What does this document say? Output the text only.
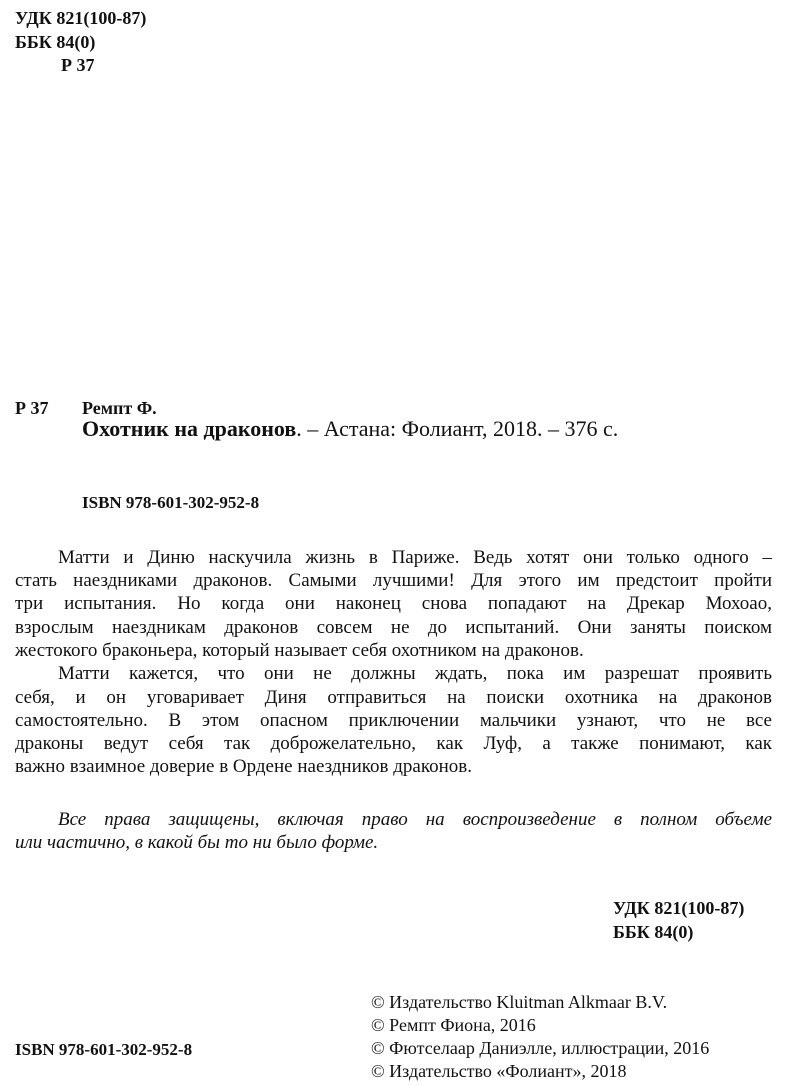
УДК 821(100-87)
ББК 84(0)
Р 37
Р 37 Ремпт Ф.
Охотник на драконов. – Астана: Фолиант, 2018. – 376 с.
ISBN 978-601-302-952-8
Матти и Диню наскучила жизнь в Париже. Ведь хотят они только одного –
стать наездниками драконов. Самыми лучшими! Для этого им предстоит пройти
три испытания. Но когда они наконец снова попадают на Дрекар Мохоао,
взрослым наездникам драконов совсем не до испытаний. Они заняты поиском
жестокого браконьера, который называет себя охотником на драконов.
Матти кажется, что они не должны ждать, пока им разрешат проявить
себя, и он уговаривает Диня отправиться на поиски охотника на драконов
самостоятельно. В этом опасном приключении мальчики узнают, что не все
драконы ведут себя так доброжелательно, как Луф, а также понимают, как
важно взаимное доверие в Ордене наездников драконов.
Все права защищены, включая право на воспроизведение в полном объеме
или частично, в какой бы то ни было форме.
УДК 821(100-87)
ББК 84(0)
© Издательство Kluitman Alkmaar B.V.
© Ремпт Фиона, 2016
© Фютселаар Даниэлле, иллюстрации, 2016
© Издательство «Фолиант», 2018
ISBN 978-601-302-952-8
